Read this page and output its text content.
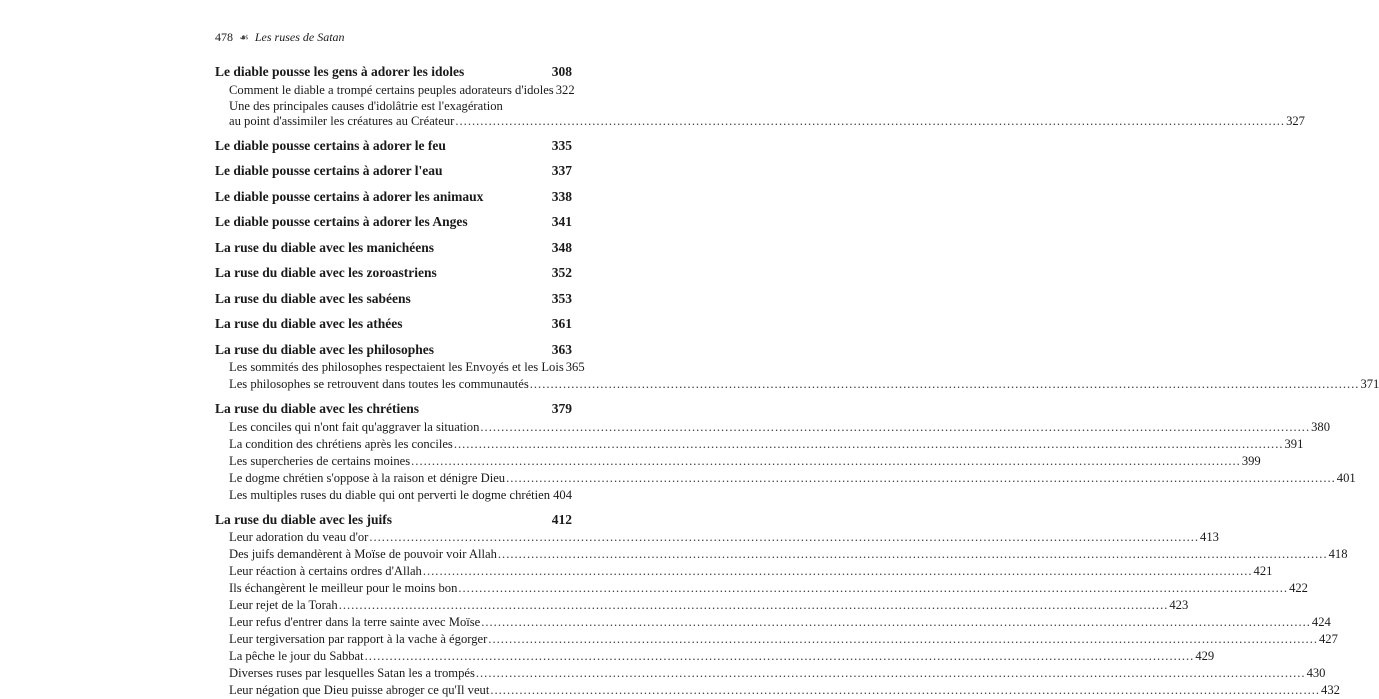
478 ☙ Les ruses de Satan
Le diable pousse les gens à adorer les idoles	308
Comment le diable a trompé certains peuples adorateurs d'idoles 322
Une des principales causes d'idolâtrie est l'exagération
au point d'assimiler les créatures au Créateur ........................................................................................................................................................................................................ 327
Le diable pousse certains à adorer le feu	335
Le diable pousse certains à adorer l'eau	337
Le diable pousse certains à adorer les animaux	338
Le diable pousse certains à adorer les Anges	341
La ruse du diable avec les manichéens	348
La ruse du diable avec les zoroastriens	352
La ruse du diable avec les sabéens	353
La ruse du diable avec les athées	361
La ruse du diable avec les philosophes	363
Les sommités des philosophes respectaient les Envoyés et les Lois 365
Les philosophes se retrouvent dans toutes les communautés ........................................................................................................................................................................................................ 371
La ruse du diable avec les chrétiens	379
Les conciles qui n'ont fait qu'aggraver la situation ........................................................................................................................................................................................................ 380
La condition des chrétiens après les conciles ........................................................................................................................................................................................................ 391
Les supercheries de certains moines ........................................................................................................................................................................................................ 399
Le dogme chrétien s'oppose à la raison et dénigre Dieu ........................................................................................................................................................................................................ 401
Les multiples ruses du diable qui ont perverti le dogme chrétien 404
La ruse du diable avec les juifs	412
Leur adoration du veau d'or ........................................................................................................................................................................................................ 413
Des juifs demandèrent à Moïse de pouvoir voir Allah ........................................................................................................................................................................................................ 418
Leur réaction à certains ordres d'Allah ........................................................................................................................................................................................................ 421
Ils échangèrent le meilleur pour le moins bon ........................................................................................................................................................................................................ 422
Leur rejet de la Torah ........................................................................................................................................................................................................ 423
Leur refus d'entrer dans la terre sainte avec Moïse ........................................................................................................................................................................................................ 424
Leur tergiversation par rapport à la vache à égorger ........................................................................................................................................................................................................ 427
La pêche le jour du Sabbat ........................................................................................................................................................................................................ 429
Diverses ruses par lesquelles Satan les a trompés ........................................................................................................................................................................................................ 430
Leur négation que Dieu puisse abroger ce qu'Il veut ........................................................................................................................................................................................................ 432
